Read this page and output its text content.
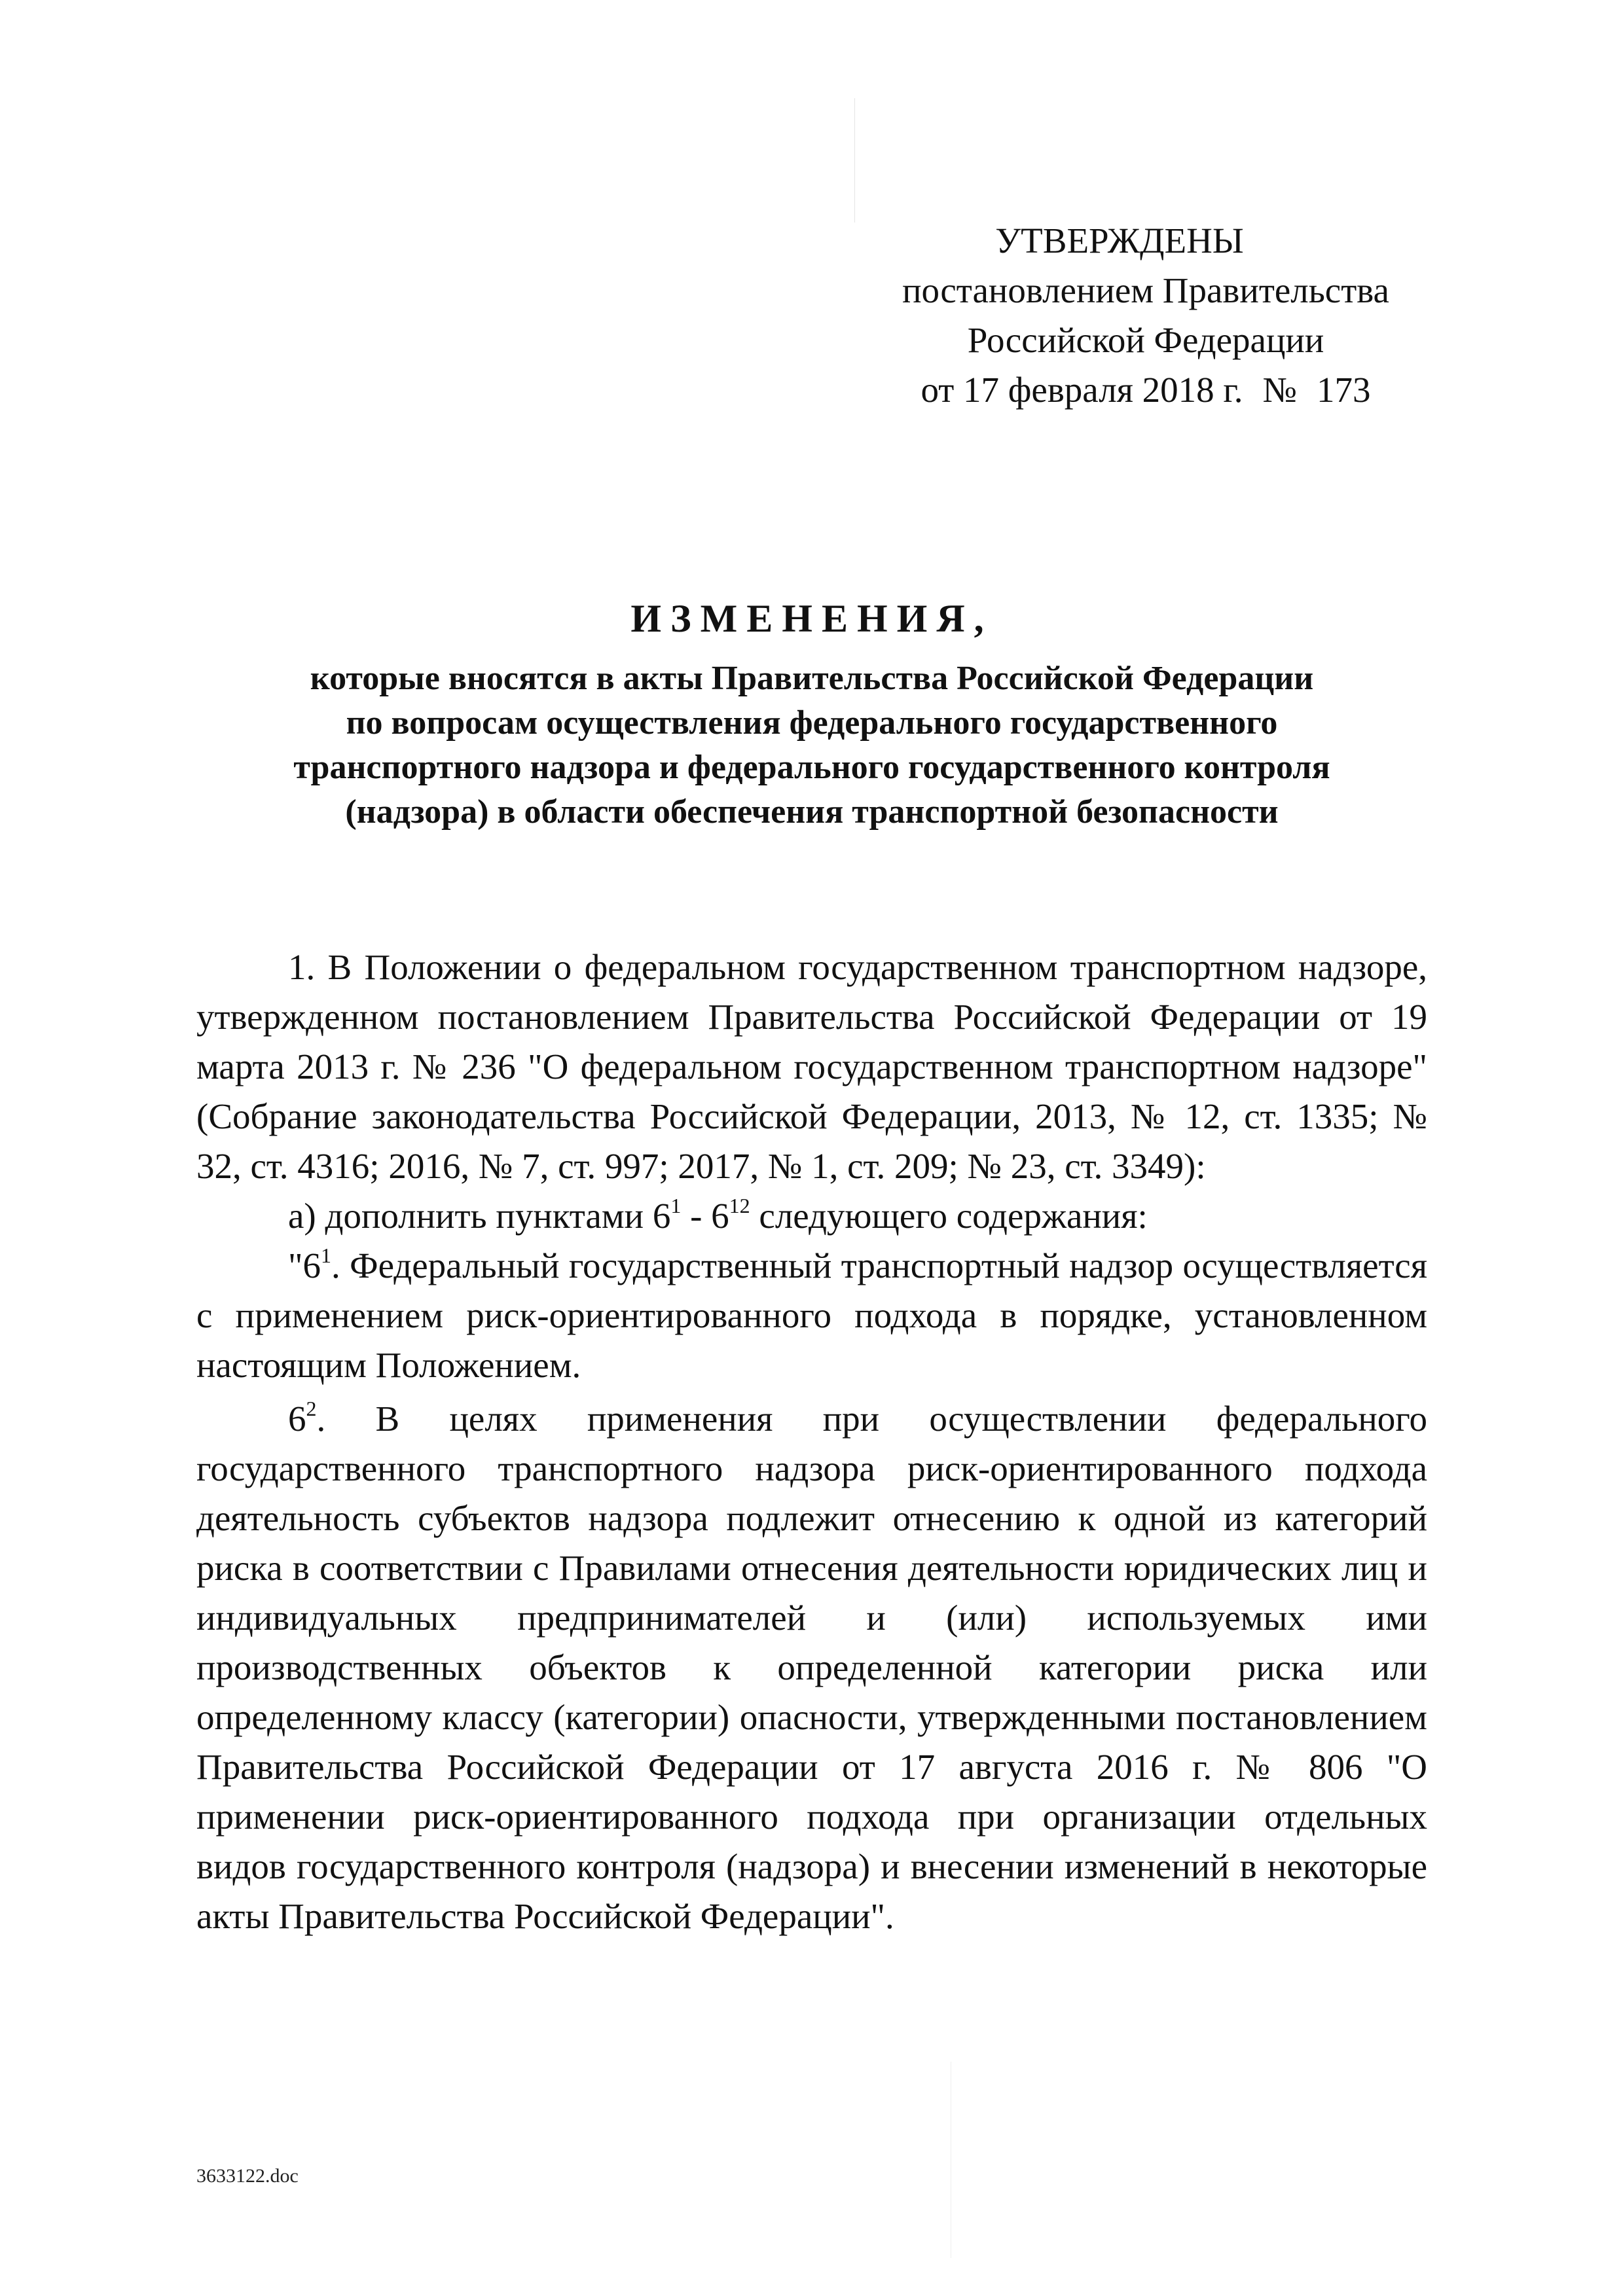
УТВЕРЖДЕНЫ
постановлением Правительства
Российской Федерации
от 17 февраля 2018 г. № 173
ИЗМЕНЕНИЯ,
которые вносятся в акты Правительства Российской Федерации
по вопросам осуществления федерального государственного
транспортного надзора и федерального государственного контроля
(надзора) в области обеспечения транспортной безопасности

1. В Положении о федеральном государственном транспортном надзоре, утвержденном постановлением Правительства Российской Федерации от 19 марта 2013 г. № 236 "О федеральном государственном транспортном надзоре" (Собрание законодательства Российской Федерации, 2013, № 12, ст. 1335; № 32, ст. 4316; 2016, № 7, ст. 997; 2017, № 1, ст. 209; № 23, ст. 3349):

а) дополнить пунктами $6^1 - 6^{12}$ следующего содержания:

"$6^1$. Федеральный государственный транспортный надзор осуществляется с применением риск-ориентированного подхода в порядке, установленном настоящим Положением.

$6^2$. В целях применения при осуществлении федерального государственного транспортного надзора риск-ориентированного подхода деятельность субъектов надзора подлежит отнесению к одной из категорий риска в соответствии с Правилами отнесения деятельности юридических лиц и индивидуальных предпринимателей и (или) используемых ими производственных объектов к определенной категории риска или определенному классу (категории) опасности, утвержденными постановлением Правительства Российской Федерации от 17 августа 2016 г. № 806 "О применении риск-ориентированного подхода при организации отдельных видов государственного контроля (надзора) и внесении изменений в некоторые акты Правительства Российской Федерации".

3633122.doc
